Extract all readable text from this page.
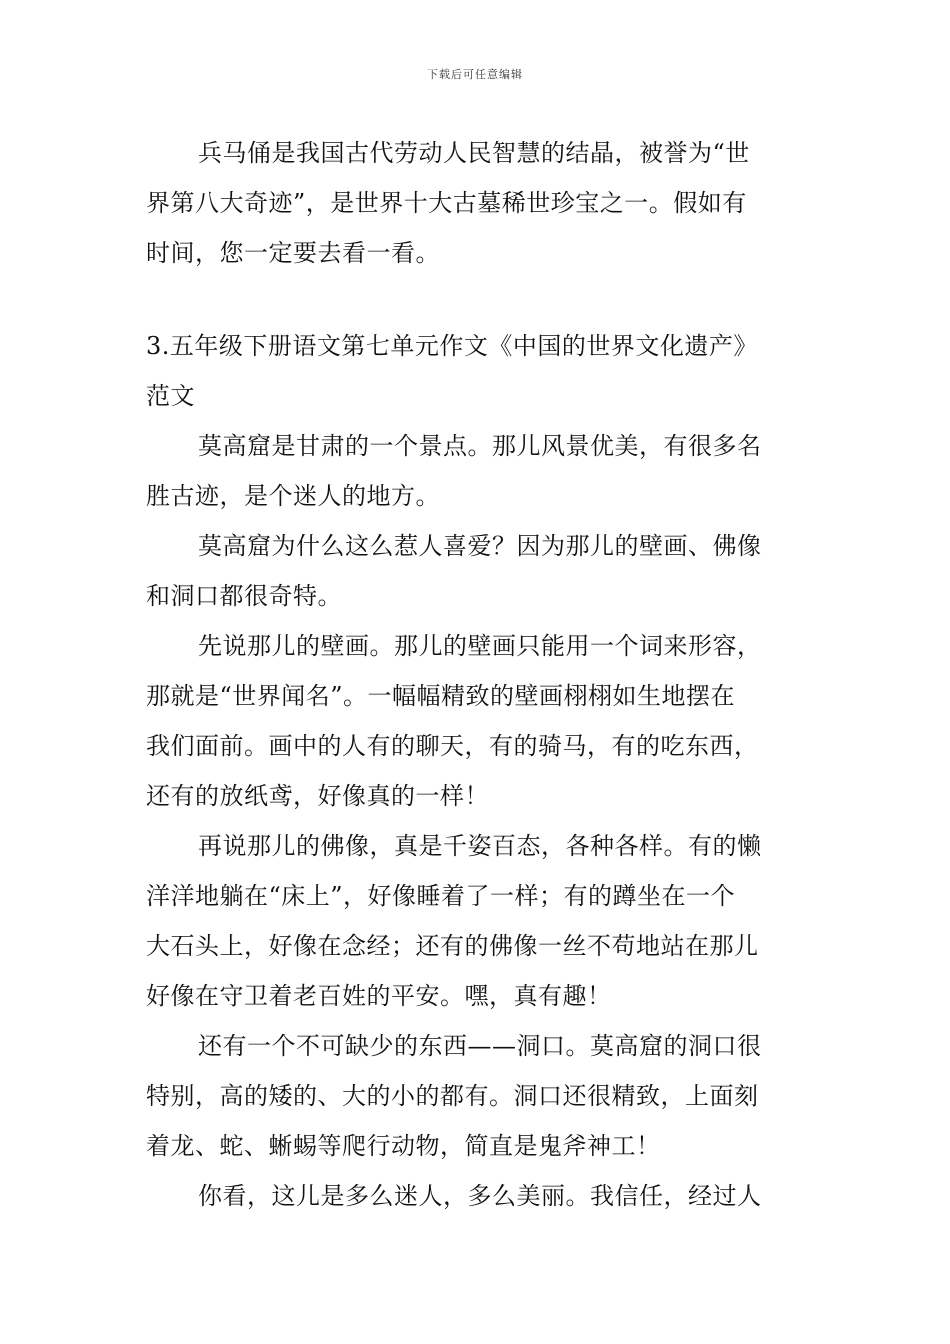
下载后可任意编辑
兵马俑是我国古代劳动人民智慧的结晶，被誉为“世
界第八大奇迹”，是世界十大古墓稀世珍宝之一。假如有
时间，您一定要去看一看。
3.五年级下册语文第七单元作文《中国的世界文化遗产》
范文
莫高窟是甘肃的一个景点。那儿风景优美，有很多名
胜古迹，是个迷人的地方。
莫高窟为什么这么惹人喜爱？因为那儿的壁画、佛像
和洞口都很奇特。
先说那儿的壁画。那儿的壁画只能用一个词来形容，
那就是“世界闻名”。一幅幅精致的壁画栩栩如生地摆在
我们面前。画中的人有的聊天，有的骑马，有的吃东西，
还有的放纸鸢，好像真的一样！
再说那儿的佛像，真是千姿百态，各种各样。有的懒
洋洋地躺在“床上”，好像睡着了一样；有的蹲坐在一个
大石头上，好像在念经；还有的佛像一丝不苟地站在那儿
好像在守卫着老百姓的平安。嘿，真有趣！
还有一个不可缺少的东西——洞口。莫高窟的洞口很
特别，高的矮的、大的小的都有。洞口还很精致，上面刻
着龙、蛇、蜥蜴等爬行动物，简直是鬼斧神工！
你看，这儿是多么迷人，多么美丽。我信任，经过人
